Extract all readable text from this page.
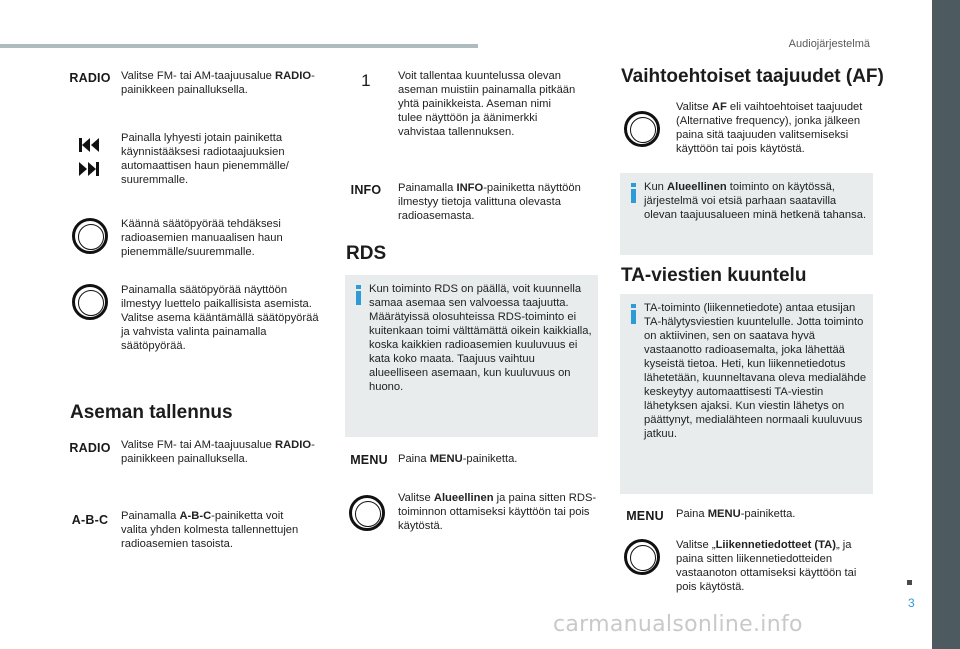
Audiojärjestelmä
3
RADIO Valitse FM- tai AM-taajuusalue RADIO-painikkeen painalluksella.
Painalla lyhyesti jotain painiketta käynnistääksesi radiotaajuuksien automaattisen haun pienemmälle/ suuremmalle.
Käännä säätöpyörää tehdäksesi radioasemien manuaalisen haun pienemmälle/suuremmalle.
Painamalla säätöpyörää näyttöön ilmestyy luettelo paikallisista asemista. Valitse asema kääntämällä säätöpyörää ja vahvista valinta painamalla säätöpyörää.
Aseman tallennus
RADIO Valitse FM- tai AM-taajuusalue RADIO-painikkeen painalluksella.
A-B-C	Painamalla A-B-C-painiketta voit valita yhden kolmesta tallennettujen radioasemien tasoista.
1	Voit tallentaa kuuntelussa olevan aseman muistiin painamalla pitkään yhtä painikkeista. Aseman nimi tulee näyttöön ja äänimerkki vahvistaa tallennuksen.
INFO	Painamalla INFO-painiketta näyttöön ilmestyy tietoja valittuna olevasta radioasemasta.
RDS
Kun toiminto RDS on päällä, voit kuunnella samaa asemaa sen valvoessa taajuutta. Määrätyissä olosuhteissa RDS-toiminto ei kuitenkaan toimi välttämättä oikein kaikkialla, koska kaikkien radioasemien kuuluvuus ei kata koko maata. Taajuus vaihtuu alueelliseen asemaan, kun kuuluvuus on huono.
MENU Paina MENU-painiketta.
Valitse Alueellinen ja paina sitten RDS-toiminnon ottamiseksi käyttöön tai pois käytöstä.
Vaihtoehtoiset taajuudet (AF)
Valitse AF eli vaihtoehtoiset taajuudet (Alternative frequency), jonka jälkeen paina sitä taajuuden valitsemiseksi käyttöön tai pois käytöstä.
Kun Alueellinen toiminto on käytössä, järjestelmä voi etsiä parhaan saatavilla olevan taajuusalueen minä hetkenä tahansa.
TA-viestien kuuntelu
TA-toiminto (liikennetiedote) antaa etusijan TA-hälytysviestien kuuntelulle. Jotta toiminto on aktiivinen, sen on saatava hyvä vastaanotto radioasemalta, joka lähettää kyseistä tietoa. Heti, kun liikennetiedotus lähetetään, kuunneltavana oleva medialähde keskeytyy automaattisesti TA-viestin lähetyksen ajaksi. Kun viestin lähetys on päättynyt, medialähteen normaali kuuluvuus jatkuu.
MENU	Paina MENU-painiketta.
Valitse „Liikennetiedotteet (TA)„ ja paina sitten liikennetiedotteiden vastaanoton ottamiseksi käyttöön tai pois käytöstä.
carmanualsonline.info
